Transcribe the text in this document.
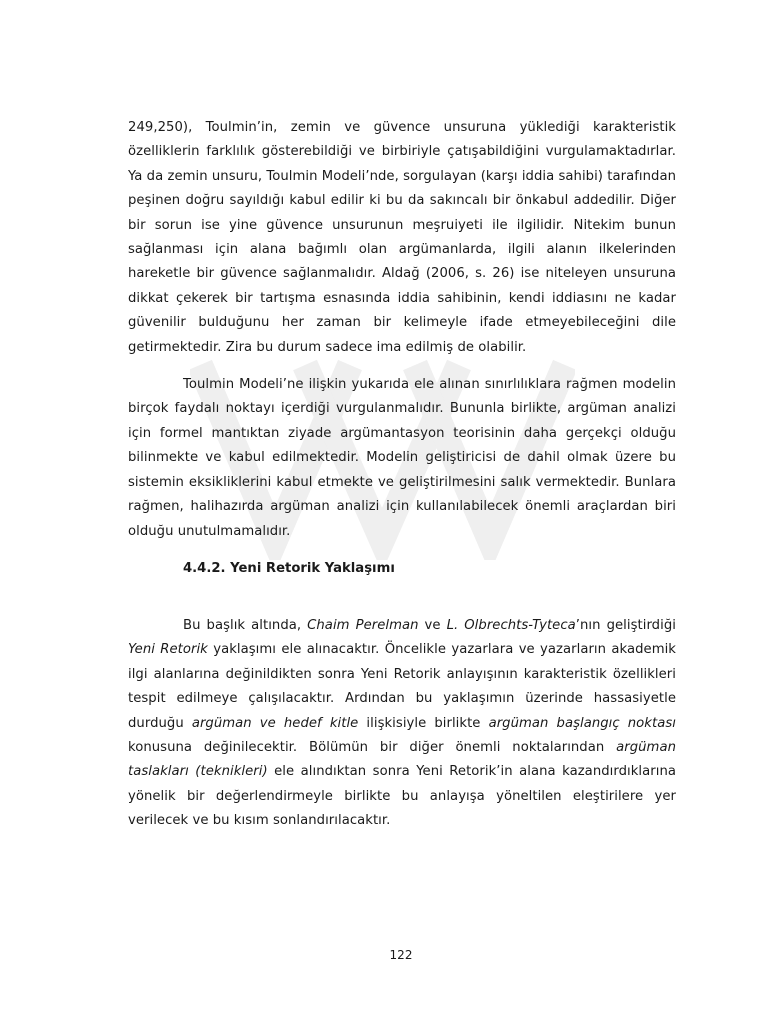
249,250), Toulmin’in, zemin ve güvence unsuruna yüklediği karakteristik özelliklerin farklılık gösterebildiği ve birbiriyle çatışabildiğini vurgulamaktadırlar. Ya da zemin unsuru, Toulmin Modeli’nde, sorgulayan (karşı iddia sahibi) tarafından peşinen doğru sayıldığı kabul edilir ki bu da sakıncalı bir önkabul addedilir. Diğer bir sorun ise yine güvence unsurunun meşruiyeti ile ilgilidir. Nitekim bunun sağlanması için alana bağımlı olan argümanlarda, ilgili alanın ilkelerinden hareketle bir güvence sağlanmalıdır. Aldağ (2006, s. 26) ise niteleyen unsuruna dikkat çekerek bir tartışma esnasında iddia sahibinin, kendi iddiasını ne kadar güvenilir bulduğunu her zaman bir kelimeyle ifade etmeyebileceğini dile getirmektedir. Zira bu durum sadece ima edilmiş de olabilir.

Toulmin Modeli’ne ilişkin yukarıda ele alınan sınırlılıklara rağmen modelin birçok faydalı noktayı içerdiği vurgulanmalıdır. Bununla birlikte, argüman analizi için formel mantıktan ziyade argümantasyon teorisinin daha gerçekçi olduğu bilinmekte ve kabul edilmektedir. Modelin geliştiricisi de dahil olmak üzere bu sistemin eksikliklerini kabul etmekte ve geliştirilmesini salık vermektedir. Bunlara rağmen, halihazırda argüman analizi için kullanılabilecek önemli araçlardan biri olduğu unutulmamalıdır.

4.4.2. Yeni Retorik Yaklaşımı

Bu başlık altında, Chaim Perelman ve L. Olbrechts-Tyteca’nın geliştirdiği Yeni Retorik yaklaşımı ele alınacaktır. Öncelikle yazarlara ve yazarların akademik ilgi alanlarına değinildikten sonra Yeni Retorik anlayışının karakteristik özellikleri tespit edilmeye çalışılacaktır. Ardından bu yaklaşımın üzerinde hassasiyetle durduğu argüman ve hedef kitle ilişkisiyle birlikte argüman başlangıç noktası konusuna değinilecektir. Bölümün bir diğer önemli noktalarından argüman taslakları (teknikleri) ele alındıktan sonra Yeni Retorik’in alana kazandırdıklarına yönelik bir değerlendirmeyle birlikte bu anlayışa yöneltilen eleştirilere yer verilecek ve bu kısım sonlandırılacaktır.

122
